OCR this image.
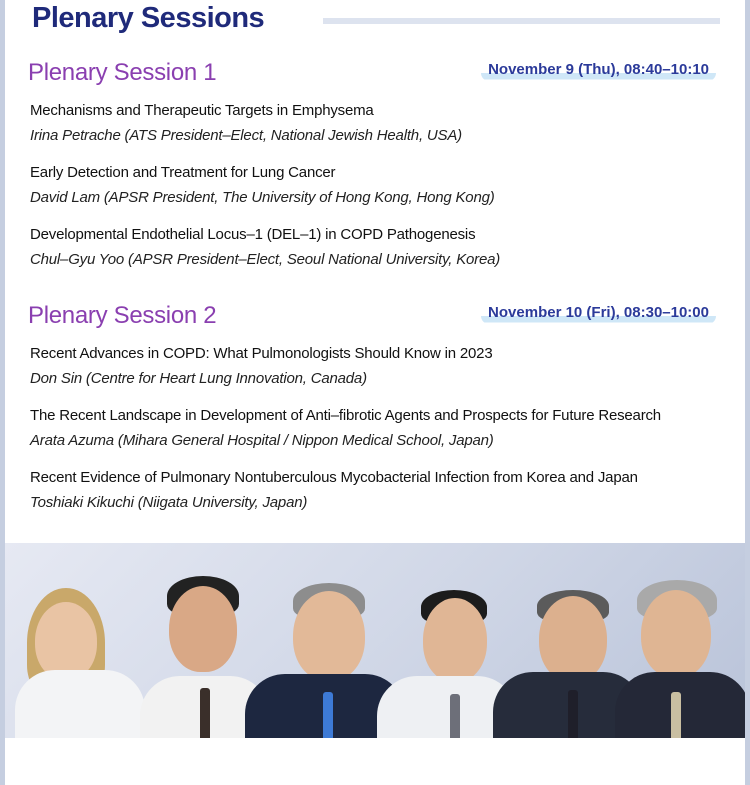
Plenary Sessions
Plenary Session 1	November 9 (Thu), 08:40–10:10
Mechanisms and Therapeutic Targets in Emphysema
Irina Petrache (ATS President–Elect, National Jewish Health, USA)
Early Detection and Treatment for Lung Cancer
David Lam (APSR President, The University of Hong Kong, Hong Kong)
Developmental Endothelial Locus–1 (DEL–1) in COPD Pathogenesis
Chul–Gyu Yoo (APSR President–Elect, Seoul National University, Korea)
Plenary Session 2	November 10 (Fri), 08:30–10:00
Recent Advances in COPD: What Pulmonologists Should Know in 2023
Don Sin (Centre for Heart Lung Innovation, Canada)
The Recent Landscape in Development of Anti–fibrotic Agents and Prospects for Future Research
Arata Azuma (Mihara General Hospital / Nippon Medical School, Japan)
Recent Evidence of Pulmonary Nontuberculous Mycobacterial Infection from Korea and Japan
Toshiaki Kikuchi (Niigata University, Japan)
